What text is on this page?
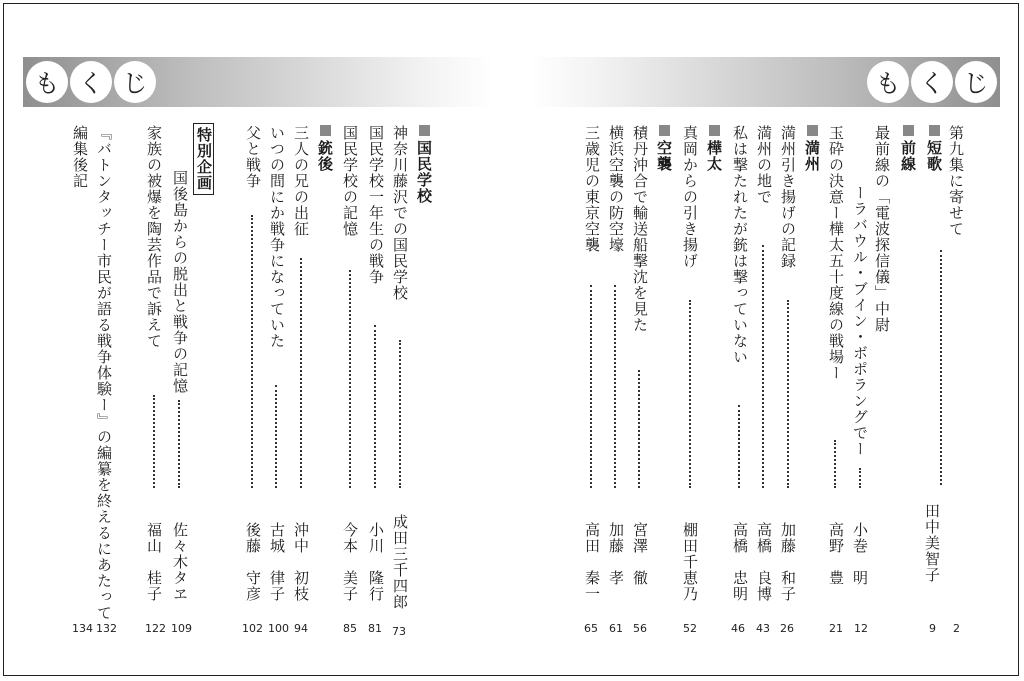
も く じ	も く じ
第九集に寄せて
田中美智子
2
短歌
9
前線
最前線の「電波探信儀」中尉
ーラバウル・ブイン・ボポラングでー
小巻　明
12
玉砕の決意ー樺太五十度線の戦場ー
高野　豊
21
満州
満州引き揚げの記録
加藤　和子
26
満州の地で
高橋　良博
43
私は撃たれたが銃は撃っていない
高橋　忠明
46
樺太
真岡からの引き揚げ
棚田千恵乃
52
空襲
積丹沖合で輸送船撃沈を見た
宮澤　徹
56
横浜空襲の防空壕
加藤　孝
61
三歳児の東京空襲
高田　秦一
65
国民学校
神奈川藤沢での国民学校
成田三千四郎
73
国民学校一年生の戦争
小川　隆行
81
国民学校の記憶
今本　美子
85
銃後
三人の兄の出征
沖中　初枝
94
いつの間にか戦争になっていた
古城　律子
100
父と戦争
後藤　守彦
102
特別企画
国後島からの脱出と戦争の記憶
佐々木タヱ
109
家族の被爆を陶芸作品で訴えて
福山　桂子
122
『バトンタッチー市民が語る戦争体験ー』の編纂を終えるにあたって
132
編集後記
134
